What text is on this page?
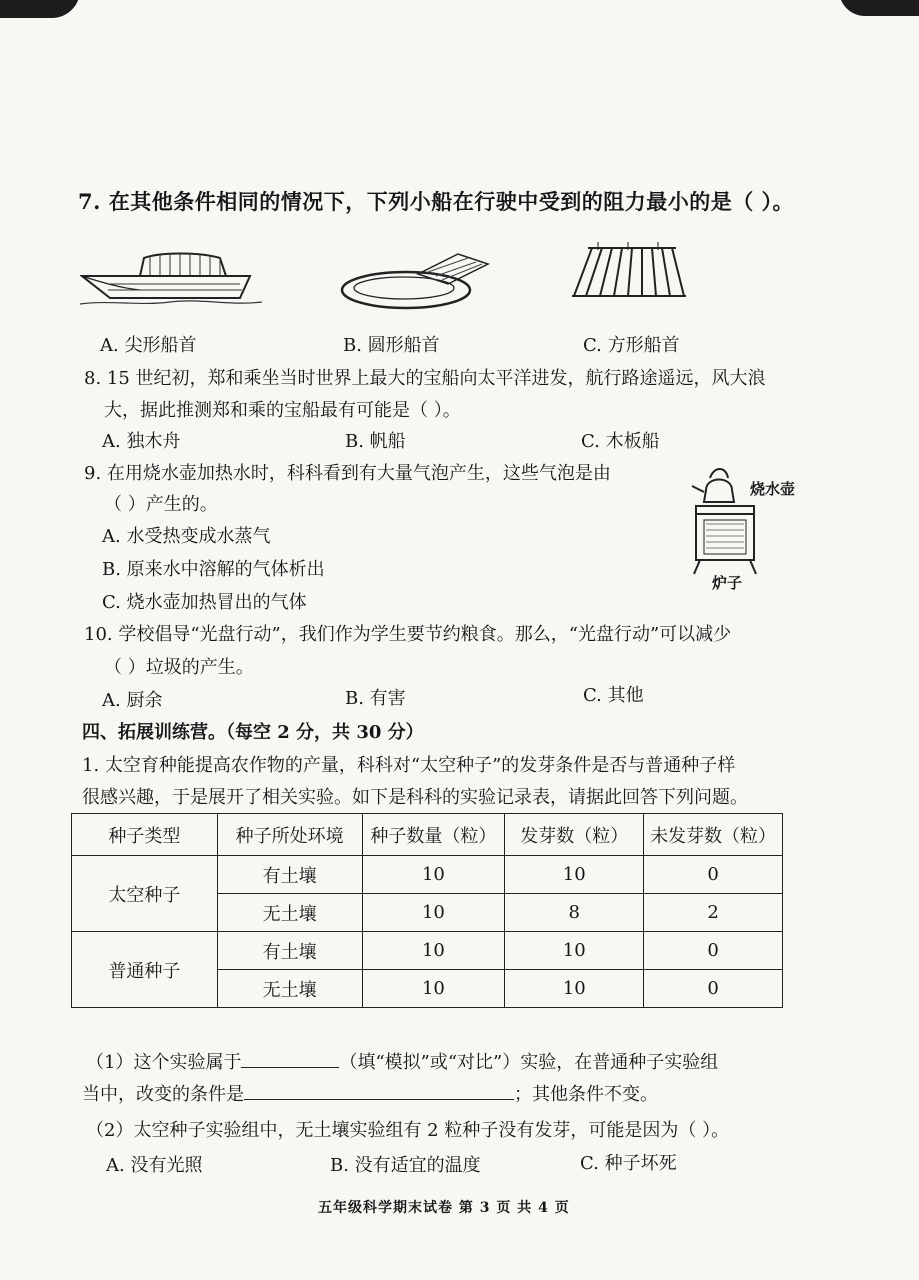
7. 在其他条件相同的情况下，下列小船在行驶中受到的阻力最小的是（ ）。
A. 尖形船首	B. 圆形船首	C. 方形船首
8. 15 世纪初，郑和乘坐当时世界上最大的宝船向太平洋进发，航行路途遥远，风大浪
大，据此推测郑和乘的宝船最有可能是（ ）。
A. 独木舟	B. 帆船	C. 木板船
9. 在用烧水壶加热水时，科科看到有大量气泡产生，这些气泡是由
（ ）产生的。
A. 水受热变成水蒸气
B. 原来水中溶解的气体析出
C. 烧水壶加热冒出的气体
烧水壶
炉子
10. 学校倡导“光盘行动”，我们作为学生要节约粮食。那么，“光盘行动”可以减少
（ ）垃圾的产生。
A. 厨余	B. 有害	C. 其他
四、拓展训练营。（每空 2 分，共 30 分）
1. 太空育种能提高农作物的产量，科科对“太空种子”的发芽条件是否与普通种子样
很感兴趣，于是展开了相关实验。如下是科科的实验记录表，请据此回答下列问题。
种子类型	种子所处环境	种子数量（粒）	发芽数（粒）	未发芽数（粒）
太空种子	有土壤	10	10	0
	无土壤	10	8	2
普通种子	有土壤	10	10	0
	无土壤	10	10	0
（1）这个实验属于	（填“模拟”或“对比”）实验，在普通种子实验组
当中，改变的条件是	；其他条件不变。
（2）太空种子实验组中，无土壤实验组有 2 粒种子没有发芽，可能是因为（ ）。
A. 没有光照	B. 没有适宜的温度	C. 种子坏死
五年级科学期末试卷 第 3 页 共 4 页
